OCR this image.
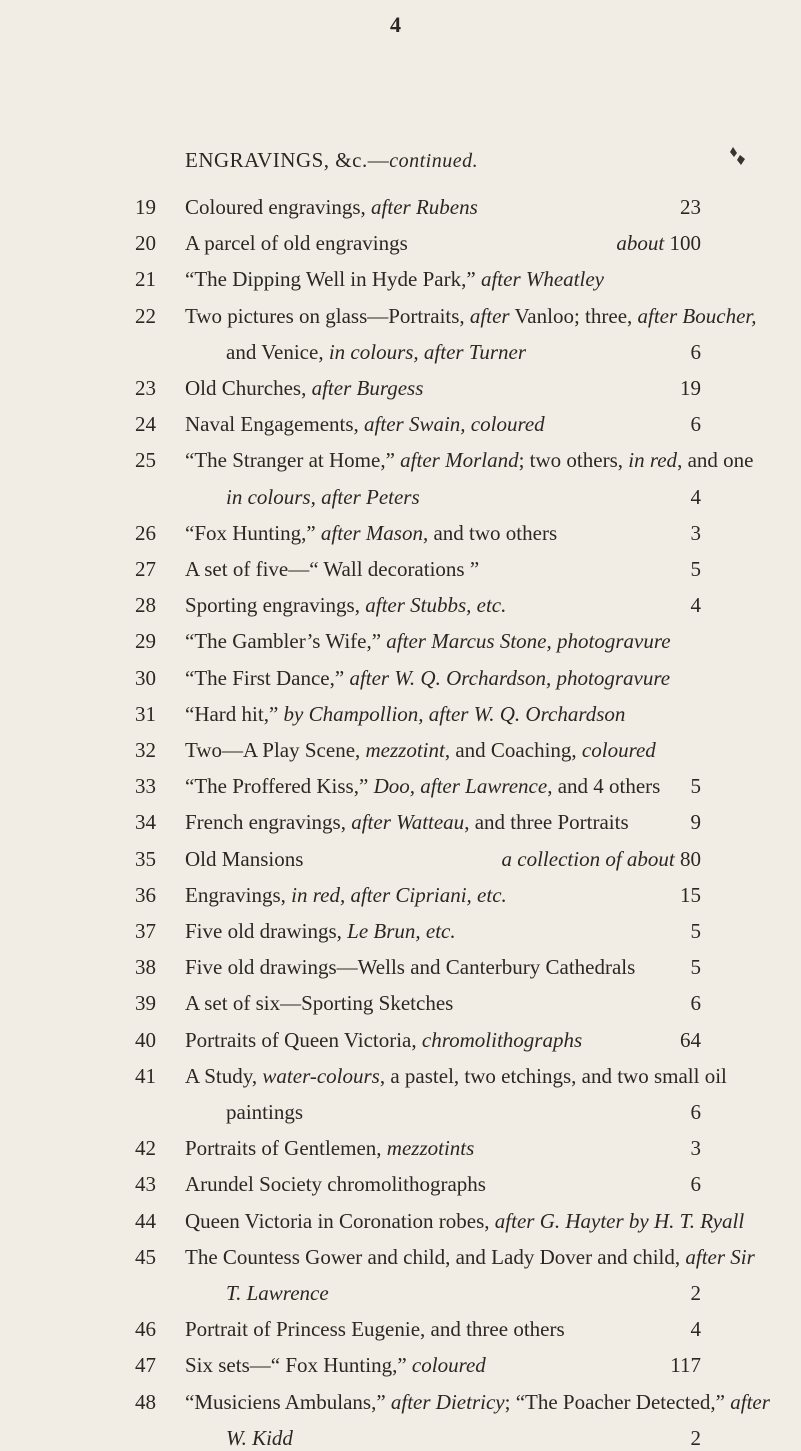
4
ENGRAVINGS, &c.—continued.
19	Coloured engravings, after Rubens	23
20	A parcel of old engravings	about 100
21	“The Dipping Well in Hyde Park,” after Wheatley
22	Two pictures on glass—Portraits, after Vanloo; three, after Boucher,
and Venice, in colours, after Turner	6
23	Old Churches, after Burgess	19
24	Naval Engagements, after Swain, coloured	6
25	“The Stranger at Home,” after Morland; two others, in red, and one
in colours, after Peters	4
26	“Fox Hunting,” after Mason, and two others	3
27	A set of five—“ Wall decorations ”	5
28	Sporting engravings, after Stubbs, etc.	4
29	“The Gambler’s Wife,” after Marcus Stone, photogravure
30	“The First Dance,” after W. Q. Orchardson, photogravure
31	“Hard hit,” by Champollion, after W. Q. Orchardson
32	Two—A Play Scene, mezzotint, and Coaching, coloured
33	“The Proffered Kiss,” Doo, after Lawrence, and 4 others	5
34	French engravings, after Watteau, and three Portraits	9
35	Old Mansions	a collection of about 80
36	Engravings, in red, after Cipriani, etc.	15
37	Five old drawings, Le Brun, etc.	5
38	Five old drawings—Wells and Canterbury Cathedrals	5
39	A set of six—Sporting Sketches	6
40	Portraits of Queen Victoria, chromolithographs	64
41	A Study, water-colours, a pastel, two etchings, and two small oil
paintings	6
42	Portraits of Gentlemen, mezzotints	3
43	Arundel Society chromolithographs	6
44	Queen Victoria in Coronation robes, after G. Hayter by H. T. Ryall
45	The Countess Gower and child, and Lady Dover and child, after Sir
T. Lawrence	2
46	Portrait of Princess Eugenie, and three others	4
47	Six sets—“ Fox Hunting,” coloured	117
48	“Musiciens Ambulans,” after Dietricy; “The Poacher Detected,” after
W. Kidd	2
